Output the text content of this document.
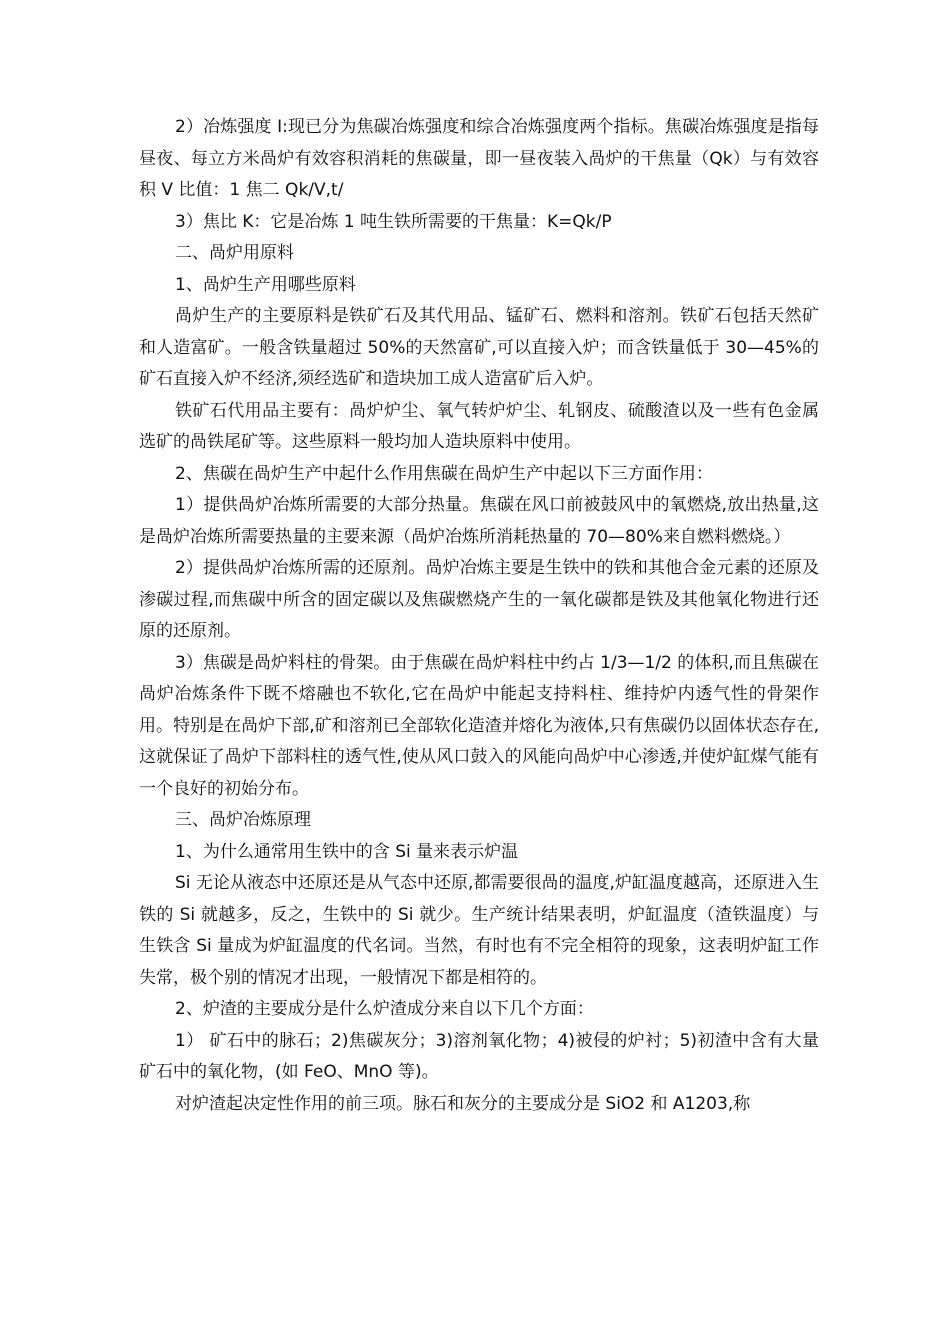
2）冶炼强度 I:现已分为焦碳冶炼强度和综合冶炼强度两个指标。焦碳冶炼强度是指每昼夜、每立方米咼炉有效容积消耗的焦碳量，即一昼夜装入咼炉的干焦量（Qk）与有效容积 V 比值：1 焦二 Qk/V,t/

3）焦比 K：它是冶炼 1 吨生铁所需要的干焦量：K=Qk/P

二、咼炉用原料

1、咼炉生产用哪些原料

咼炉生产的主要原料是铁矿石及其代用品、锰矿石、燃料和溶剂。铁矿石包括天然矿和人造富矿。一般含铁量超过 50%的天然富矿,可以直接入炉；而含铁量低于 30—45%的矿石直接入炉不经济,须经选矿和造块加工成人造富矿后入炉。

铁矿石代用品主要有：咼炉炉尘、氧气转炉炉尘、轧钢皮、硫酸渣以及一些有色金属选矿的咼铁尾矿等。这些原料一般均加人造块原料中使用。

2、焦碳在咼炉生产中起什么作用焦碳在咼炉生产中起以下三方面作用：

1）提供咼炉冶炼所需要的大部分热量。焦碳在风口前被鼓风中的氧燃烧,放出热量,这是咼炉冶炼所需要热量的主要来源（咼炉冶炼所消耗热量的 70—80%来自燃料燃烧。）

2）提供咼炉冶炼所需的还原剂。咼炉冶炼主要是生铁中的铁和其他合金元素的还原及渗碳过程,而焦碳中所含的固定碳以及焦碳燃烧产生的一氧化碳都是铁及其他氧化物进行还原的还原剂。

3）焦碳是咼炉料柱的骨架。由于焦碳在咼炉料柱中约占 1/3—1/2 的体积,而且焦碳在咼炉冶炼条件下既不熔融也不软化,它在咼炉中能起支持料柱、维持炉内透气性的骨架作用。特别是在咼炉下部,矿和溶剂已全部软化造渣并熔化为液体,只有焦碳仍以固体状态存在,这就保证了咼炉下部料柱的透气性,使从风口鼓入的风能向咼炉中心渗透,并使炉缸煤气能有一个良好的初始分布。

三、咼炉冶炼原理

1、为什么通常用生铁中的含 Si 量来表示炉温

Si 无论从液态中还原还是从气态中还原,都需要很咼的温度,炉缸温度越高，还原进入生铁的 Si 就越多，反之，生铁中的 Si 就少。生产统计结果表明，炉缸温度（渣铁温度）与生铁含 Si 量成为炉缸温度的代名词。当然，有时也有不完全相符的现象，这表明炉缸工作失常，极个别的情况才出现，一般情况下都是相符的。

2、炉渣的主要成分是什么炉渣成分来自以下几个方面：

1） 矿石中的脉石；2)焦碳灰分；3)溶剂氧化物；4)被侵的炉衬；5)初渣中含有大量矿石中的氧化物，(如 FeO、MnO 等)。

对炉渣起决定性作用的前三项。脉石和灰分的主要成分是 SiO2 和 A1203,称
